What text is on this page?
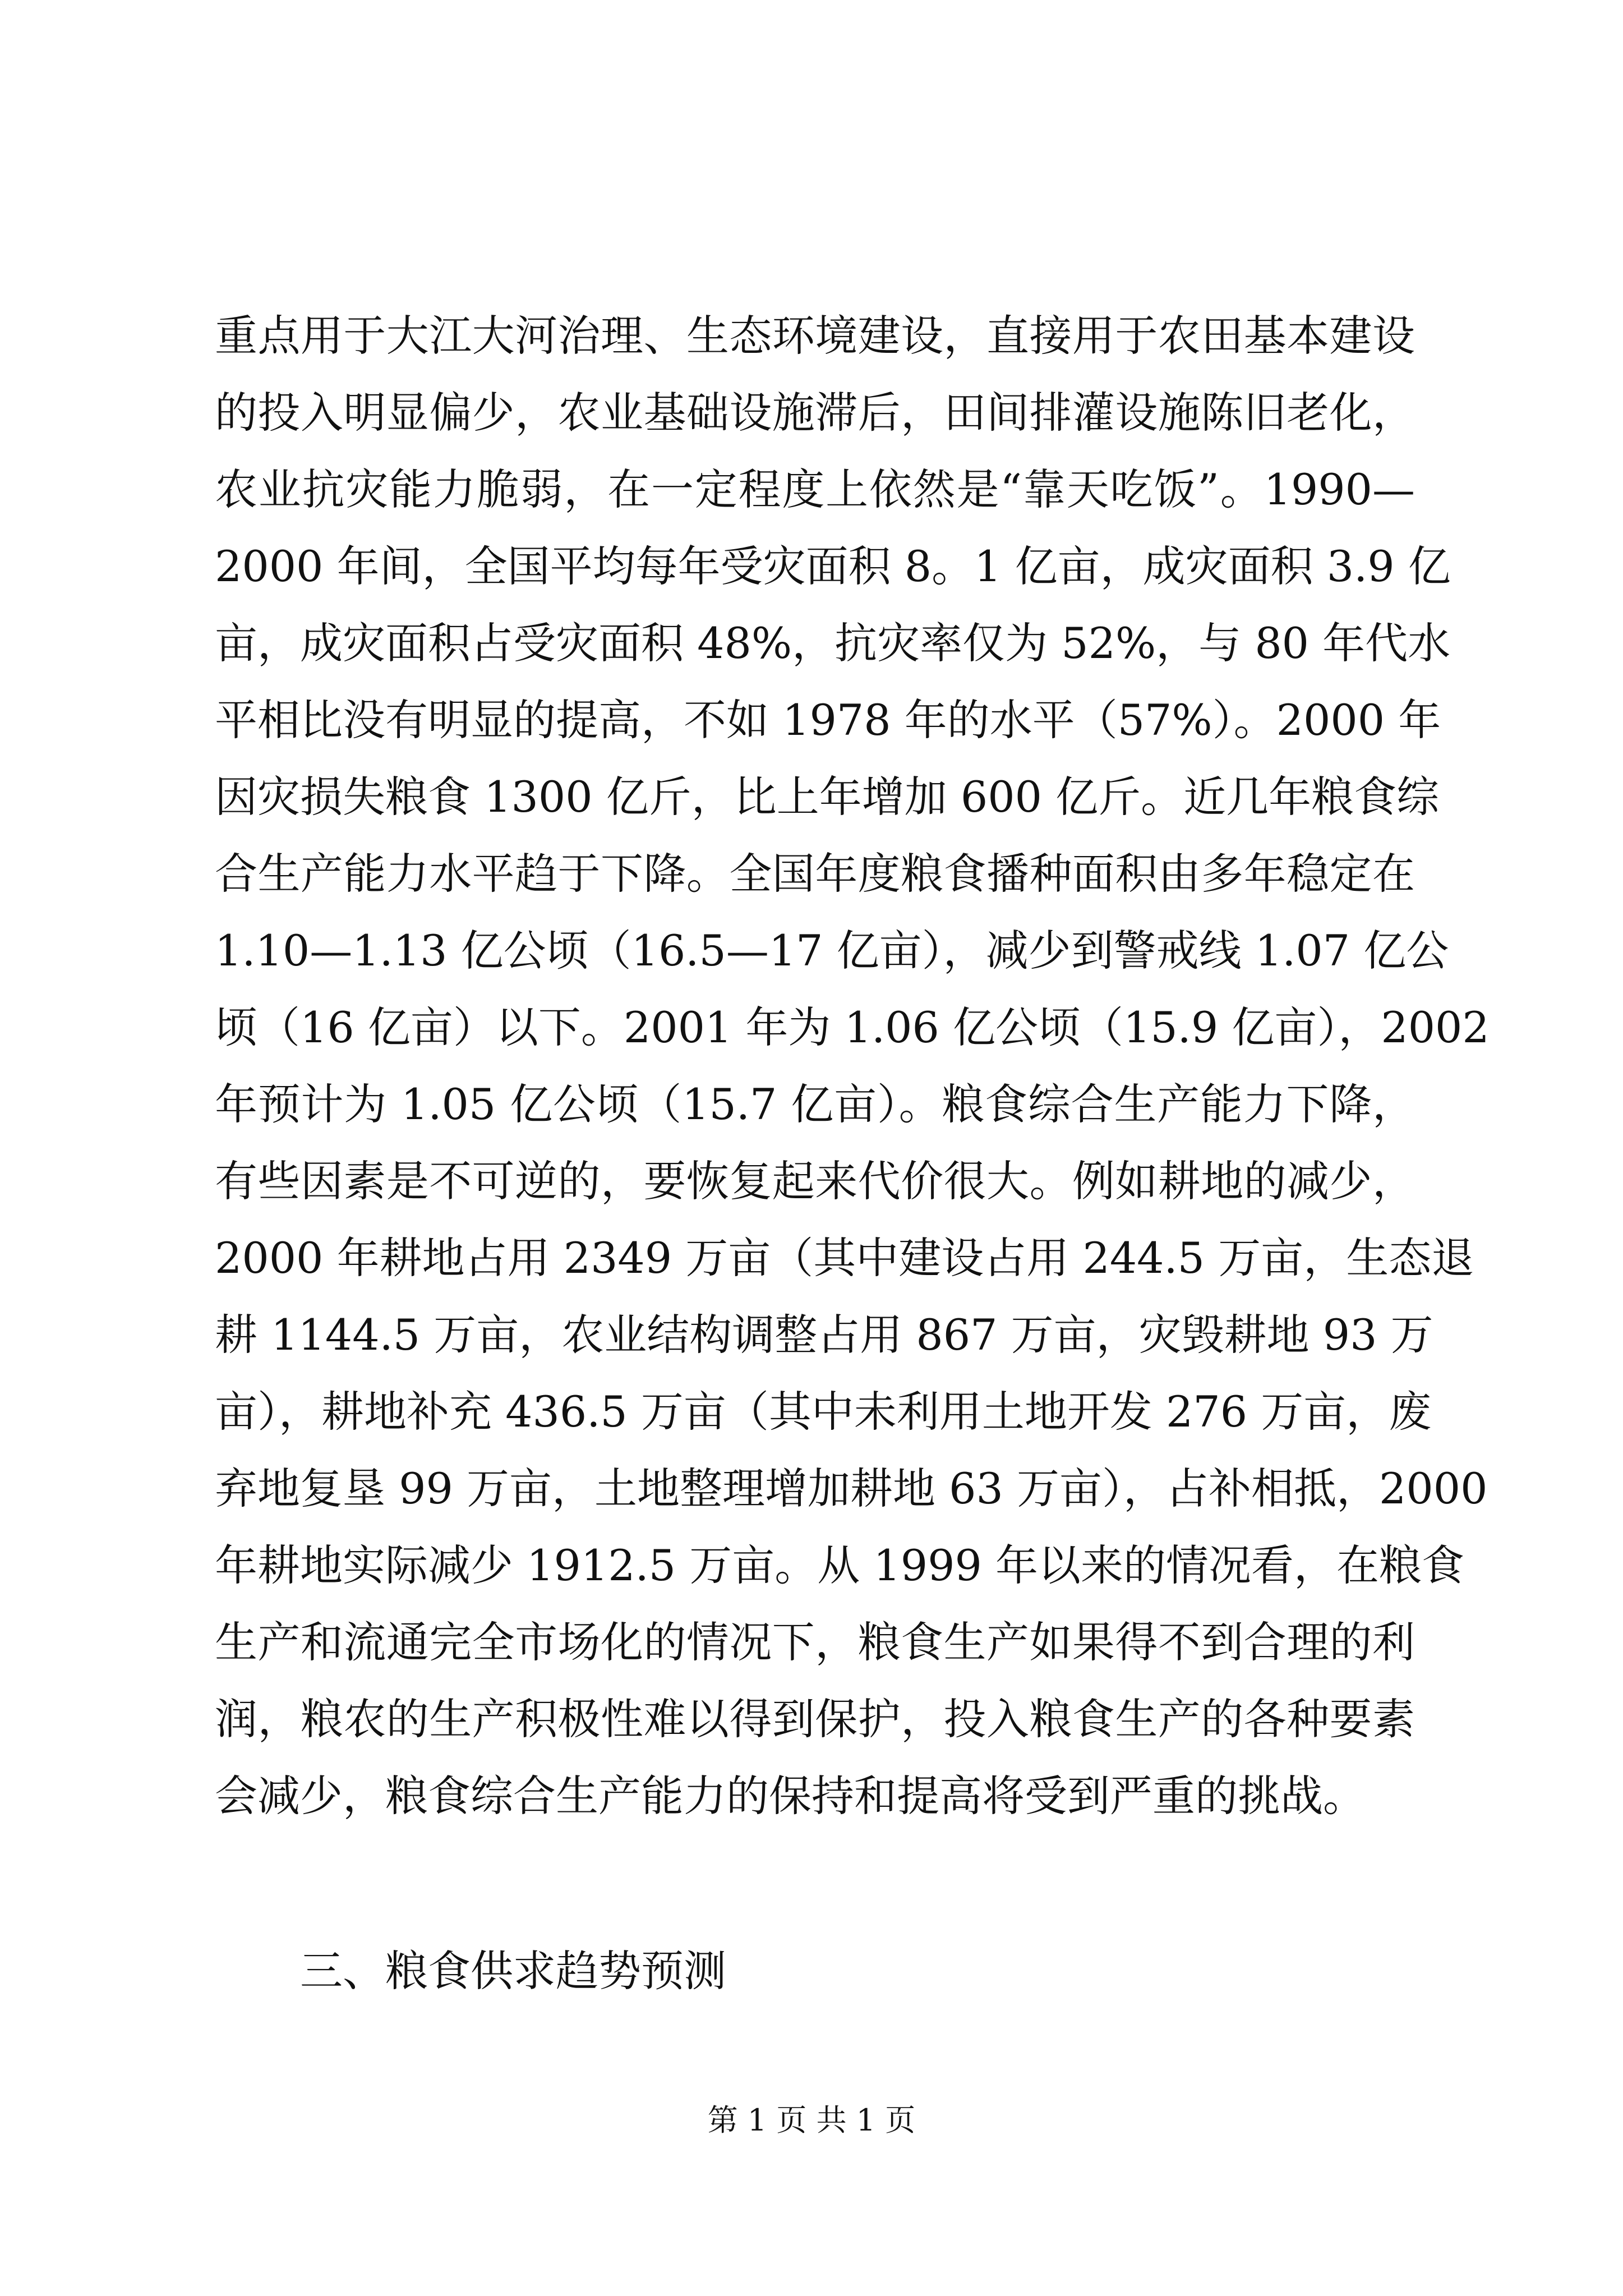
重点用于大江大河治理、生态环境建设，直接用于农田基本建设
的投入明显偏少，农业基础设施滞后，田间排灌设施陈旧老化，
农业抗灾能力脆弱，在一定程度上依然是“靠天吃饭”。1990—
2000 年间，全国平均每年受灾面积 8。1 亿亩，成灾面积 3.9 亿
亩，成灾面积占受灾面积 48%，抗灾率仅为 52%，与 80 年代水
平相比没有明显的提高，不如 1978 年的水平（57%）。2000 年
因灾损失粮食 1300 亿斤，比上年增加 600 亿斤。近几年粮食综
合生产能力水平趋于下降。全国年度粮食播种面积由多年稳定在
1.10—1.13 亿公顷（16.5—17 亿亩），减少到警戒线 1.07 亿公
顷（16 亿亩）以下。2001 年为 1.06 亿公顷（15.9 亿亩），2002
年预计为 1.05 亿公顷（15.7 亿亩）。粮食综合生产能力下降，
有些因素是不可逆的，要恢复起来代价很大。例如耕地的减少，
2000 年耕地占用 2349 万亩（其中建设占用 244.5 万亩，生态退
耕 1144.5 万亩，农业结构调整占用 867 万亩，灾毁耕地 93 万
亩），耕地补充 436.5 万亩（其中未利用土地开发 276 万亩，废
弃地复垦 99 万亩，土地整理增加耕地 63 万亩），占补相抵，2000
年耕地实际减少 1912.5 万亩。从 1999 年以来的情况看，在粮食
生产和流通完全市场化的情况下，粮食生产如果得不到合理的利
润，粮农的生产积极性难以得到保护，投入粮食生产的各种要素
会减少，粮食综合生产能力的保持和提高将受到严重的挑战。
三、粮食供求趋势预测
第 1 页 共 1 页
